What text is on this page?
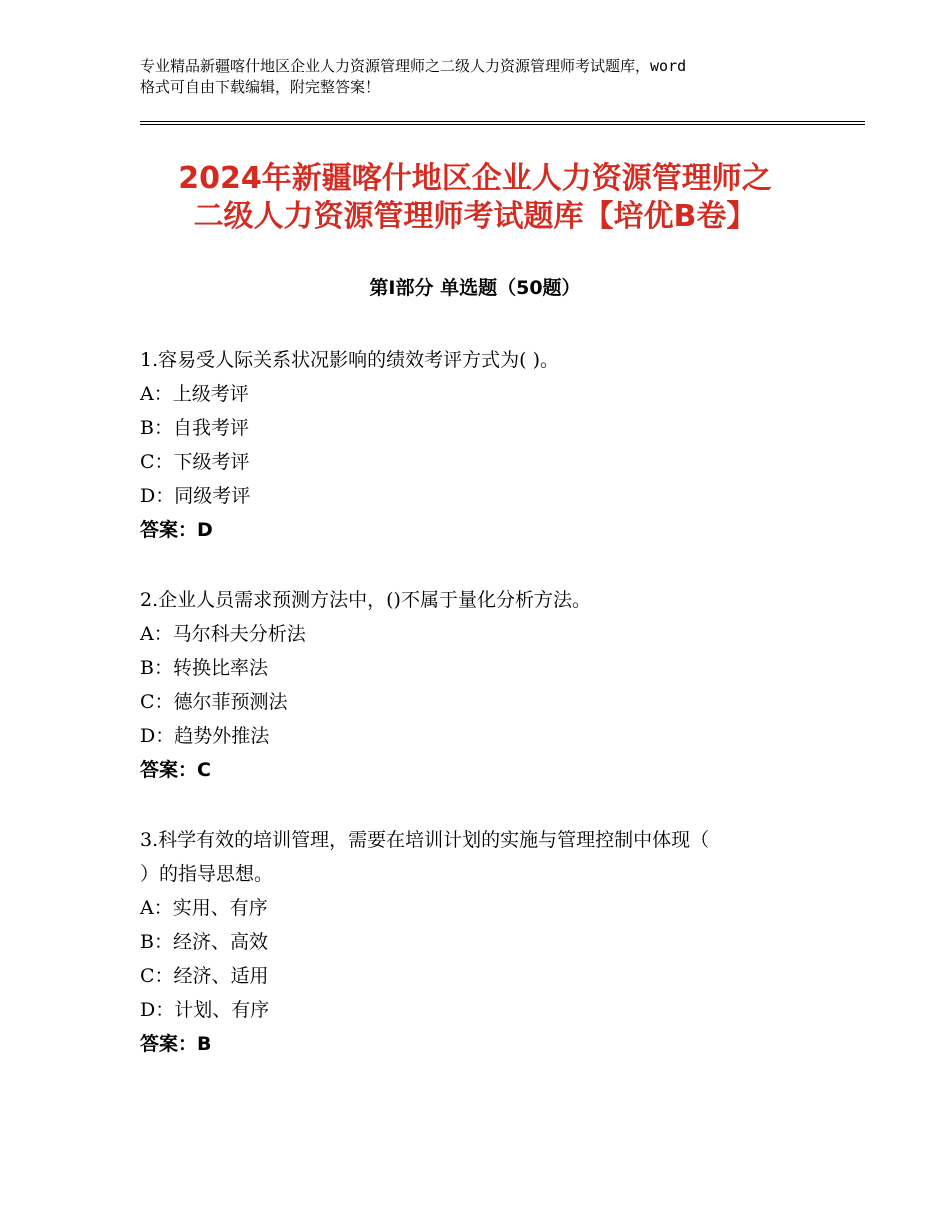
专业精品新疆喀什地区企业人力资源管理师之二级人力资源管理师考试题库，word
格式可自由下载编辑，附完整答案！
2024年新疆喀什地区企业人力资源管理师之
二级人力资源管理师考试题库【培优B卷】
第Ⅰ部分 单选题（50题）
1.容易受人际关系状况影响的绩效考评方式为( )。
A：上级考评
B：自我考评
C：下级考评
D：同级考评
答案：D
2.企业人员需求预测方法中，()不属于量化分析方法。
A：马尔科夫分析法
B：转换比率法
C：德尔菲预测法
D：趋势外推法
答案：C
3.科学有效的培训管理，需要在培训计划的实施与管理控制中体现（
）的指导思想。
A：实用、有序
B：经济、高效
C：经济、适用
D：计划、有序
答案：B
